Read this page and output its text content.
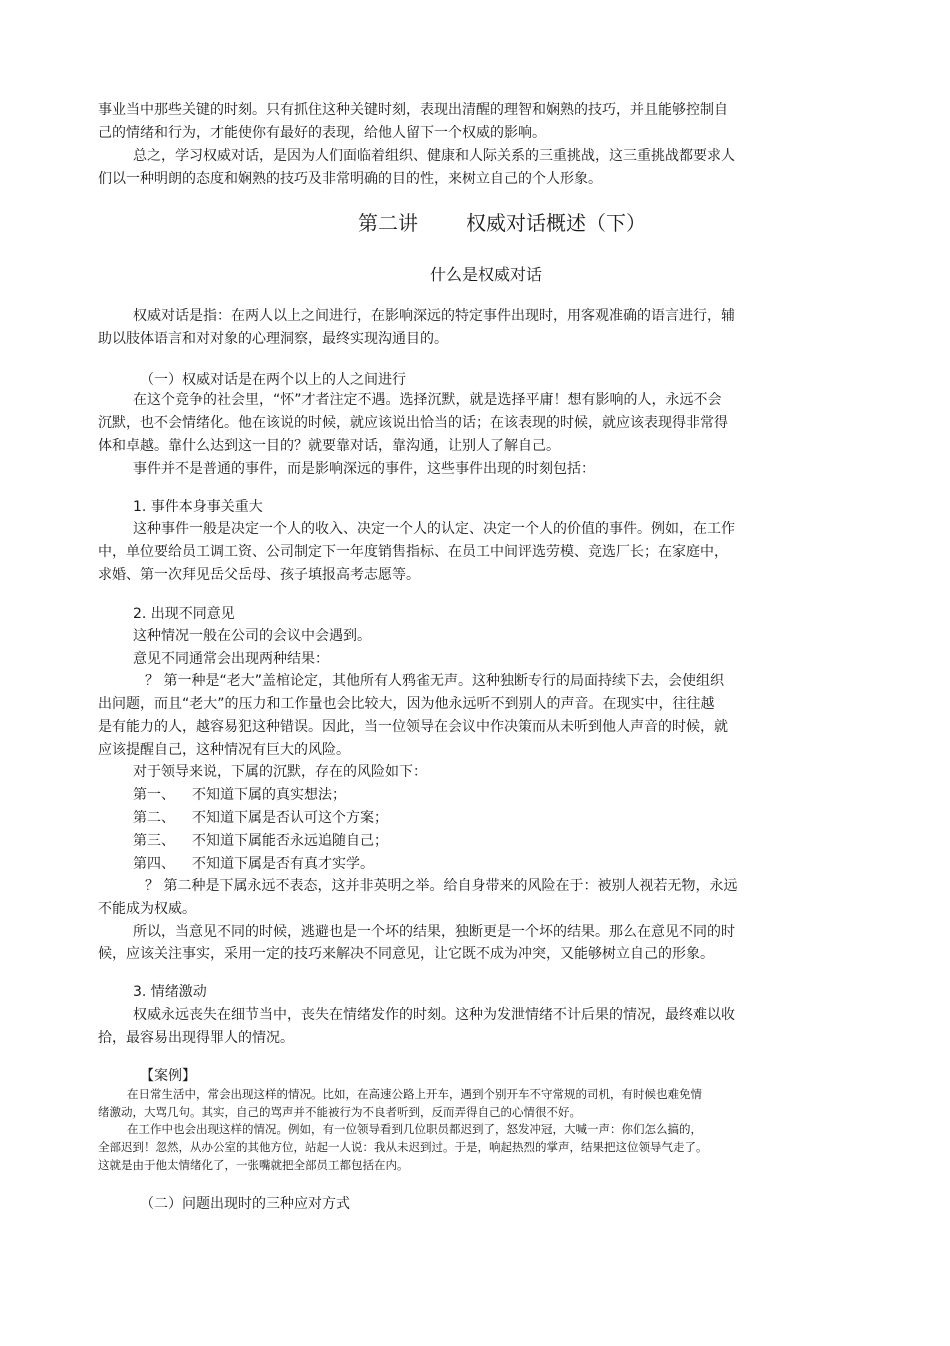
事业当中那些关键的时刻。只有抓住这种关键时刻，表现出清醒的理智和娴熟的技巧，并且能够控制自
己的情绪和行为，才能使你有最好的表现，给他人留下一个权威的影响。
总之，学习权威对话，是因为人们面临着组织、健康和人际关系的三重挑战，这三重挑战都要求人
们以一种明朗的态度和娴熟的技巧及非常明确的目的性，来树立自己的个人形象。
第二讲 权威对话概述（下）
什么是权威对话
权威对话是指：在两人以上之间进行，在影响深远的特定事件出现时，用客观准确的语言进行，辅
助以肢体语言和对对象的心理洞察，最终实现沟通目的。
（一）权威对话是在两个以上的人之间进行
在这个竞争的社会里，“怀”才者注定不遇。选择沉默，就是选择平庸！想有影响的人，永远不会
沉默，也不会情绪化。他在该说的时候，就应该说出恰当的话；在该表现的时候，就应该表现得非常得
体和卓越。靠什么达到这一目的？就要靠对话，靠沟通，让别人了解自己。
事件并不是普通的事件，而是影响深远的事件，这些事件出现的时刻包括：
1. 事件本身事关重大
这种事件一般是决定一个人的收入、决定一个人的认定、决定一个人的价值的事件。例如，在工作
中，单位要给员工调工资、公司制定下一年度销售指标、在员工中间评选劳模、竞选厂长；在家庭中，
求婚、第一次拜见岳父岳母、孩子填报高考志愿等。
2. 出现不同意见
这种情况一般在公司的会议中会遇到。
意见不同通常会出现两种结果：
？ 第一种是“老大”盖棺论定，其他所有人鸦雀无声。这种独断专行的局面持续下去，会使组织
出问题，而且“老大”的压力和工作量也会比较大，因为他永远听不到别人的声音。在现实中，往往越
是有能力的人，越容易犯这种错误。因此，当一位领导在会议中作决策而从未听到他人声音的时候，就
应该提醒自己，这种情况有巨大的风险。
对于领导来说，下属的沉默，存在的风险如下：
第一、 不知道下属的真实想法；
第二、 不知道下属是否认可这个方案；
第三、 不知道下属能否永远追随自己；
第四、 不知道下属是否有真才实学。
？ 第二种是下属永远不表态，这并非英明之举。给自身带来的风险在于：被别人视若无物，永远
不能成为权威。
所以，当意见不同的时候，逃避也是一个坏的结果，独断更是一个坏的结果。那么在意见不同的时
候，应该关注事实，采用一定的技巧来解决不同意见，让它既不成为冲突，又能够树立自己的形象。
3. 情绪激动
权威永远丧失在细节当中，丧失在情绪发作的时刻。这种为发泄情绪不计后果的情况，最终难以收
拾，最容易出现得罪人的情况。
【案例】
在日常生活中，常会出现这样的情况。比如，在高速公路上开车，遇到个别开车不守常规的司机，有时候也难免情
绪激动，大骂几句。其实，自己的骂声并不能被行为不良者听到，反而弄得自己的心情很不好。
在工作中也会出现这样的情况。例如，有一位领导看到几位职员都迟到了，怒发冲冠，大喊一声：你们怎么搞的，
全部迟到！忽然，从办公室的其他方位，站起一人说：我从未迟到过。于是，响起热烈的掌声，结果把这位领导气走了。
这就是由于他太情绪化了，一张嘴就把全部员工都包括在内。
（二）问题出现时的三种应对方式
